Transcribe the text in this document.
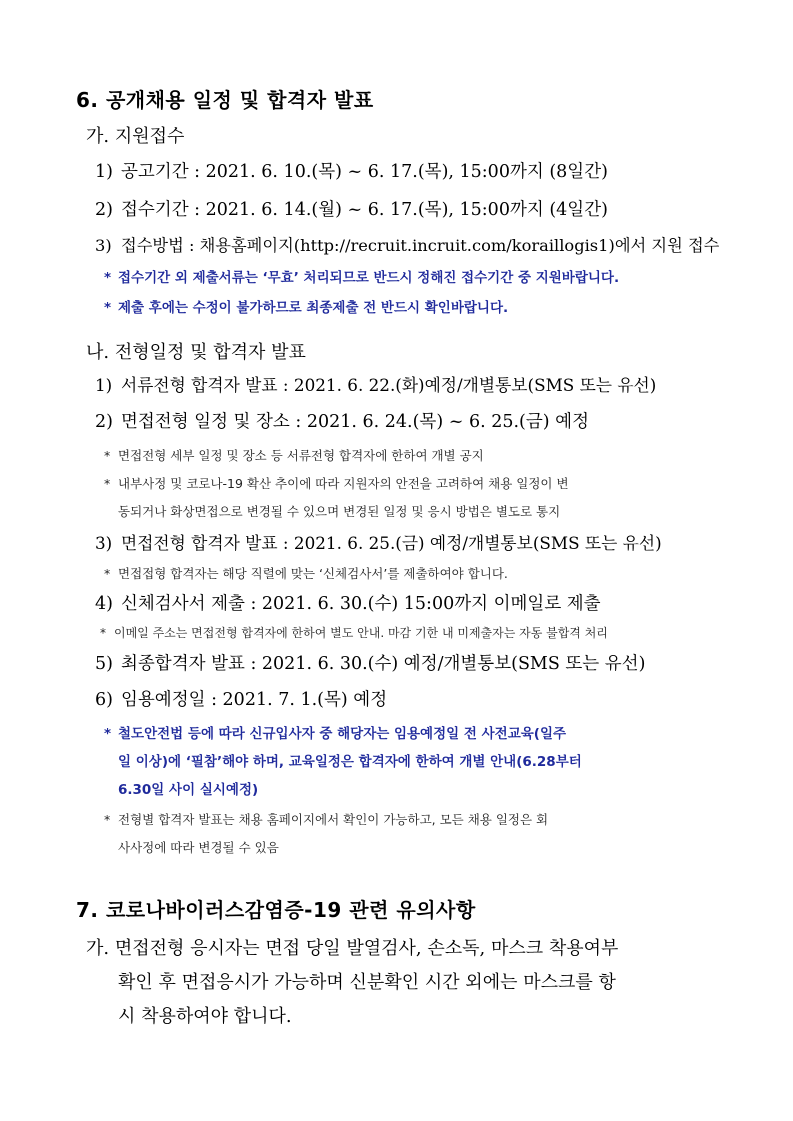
6. 공개채용 일정 및 합격자 발표
가. 지원접수
1) 공고기간 : 2021. 6. 10.(목) ~ 6. 17.(목), 15:00까지 (8일간)
2) 접수기간 : 2021. 6. 14.(월) ~ 6. 17.(목), 15:00까지 (4일간)
3) 접수방법 : 채용홈페이지(http://recruit.incruit.com/koraillogis1)에서 지원 접수
* 접수기간 외 제출서류는 ‘무효’ 처리되므로 반드시 정해진 접수기간 중 지원바랍니다.
* 제출 후에는 수정이 불가하므로 최종제출 전 반드시 확인바랍니다.
나. 전형일정 및 합격자 발표
1) 서류전형 합격자 발표 : 2021. 6. 22.(화)예정/개별통보(SMS 또는 유선)
2) 면접전형 일정 및 장소 : 2021. 6. 24.(목) ~ 6. 25.(금) 예정
* 면접전형 세부 일정 및 장소 등 서류전형 합격자에 한하여 개별 공지
* 내부사정 및 코로나-19 확산 추이에 따라 지원자의 안전을 고려하여 채용 일정이 변
동되거나 화상면접으로 변경될 수 있으며 변경된 일정 및 응시 방법은 별도로 통지
3) 면접전형 합격자 발표 : 2021. 6. 25.(금) 예정/개별통보(SMS 또는 유선)
* 면접접형 합격자는 해당 직렬에 맞는 ‘신체검사서’를 제출하여야 합니다.
4) 신체검사서 제출 : 2021. 6. 30.(수) 15:00까지 이메일로 제출
* 이메일 주소는 면접전형 합격자에 한하여 별도 안내. 마감 기한 내 미제출자는 자동 불합격 처리
5) 최종합격자 발표 : 2021. 6. 30.(수) 예정/개별통보(SMS 또는 유선)
6) 임용예정일 : 2021. 7. 1.(목) 예정
* 철도안전법 등에 따라 신규입사자 중 해당자는 임용예정일 전 사전교육(일주
일 이상)에 ‘필참’해야 하며, 교육일정은 합격자에 한하여 개별 안내(6.28부터
6.30일 사이 실시예정)
* 전형별 합격자 발표는 채용 홈페이지에서 확인이 가능하고, 모든 채용 일정은 회
사사정에 따라 변경될 수 있음
7. 코로나바이러스감염증-19 관련 유의사항
가. 면접전형 응시자는 면접 당일 발열검사, 손소독, 마스크 착용여부
확인 후 면접응시가 가능하며 신분확인 시간 외에는 마스크를 항
시 착용하여야 합니다.
